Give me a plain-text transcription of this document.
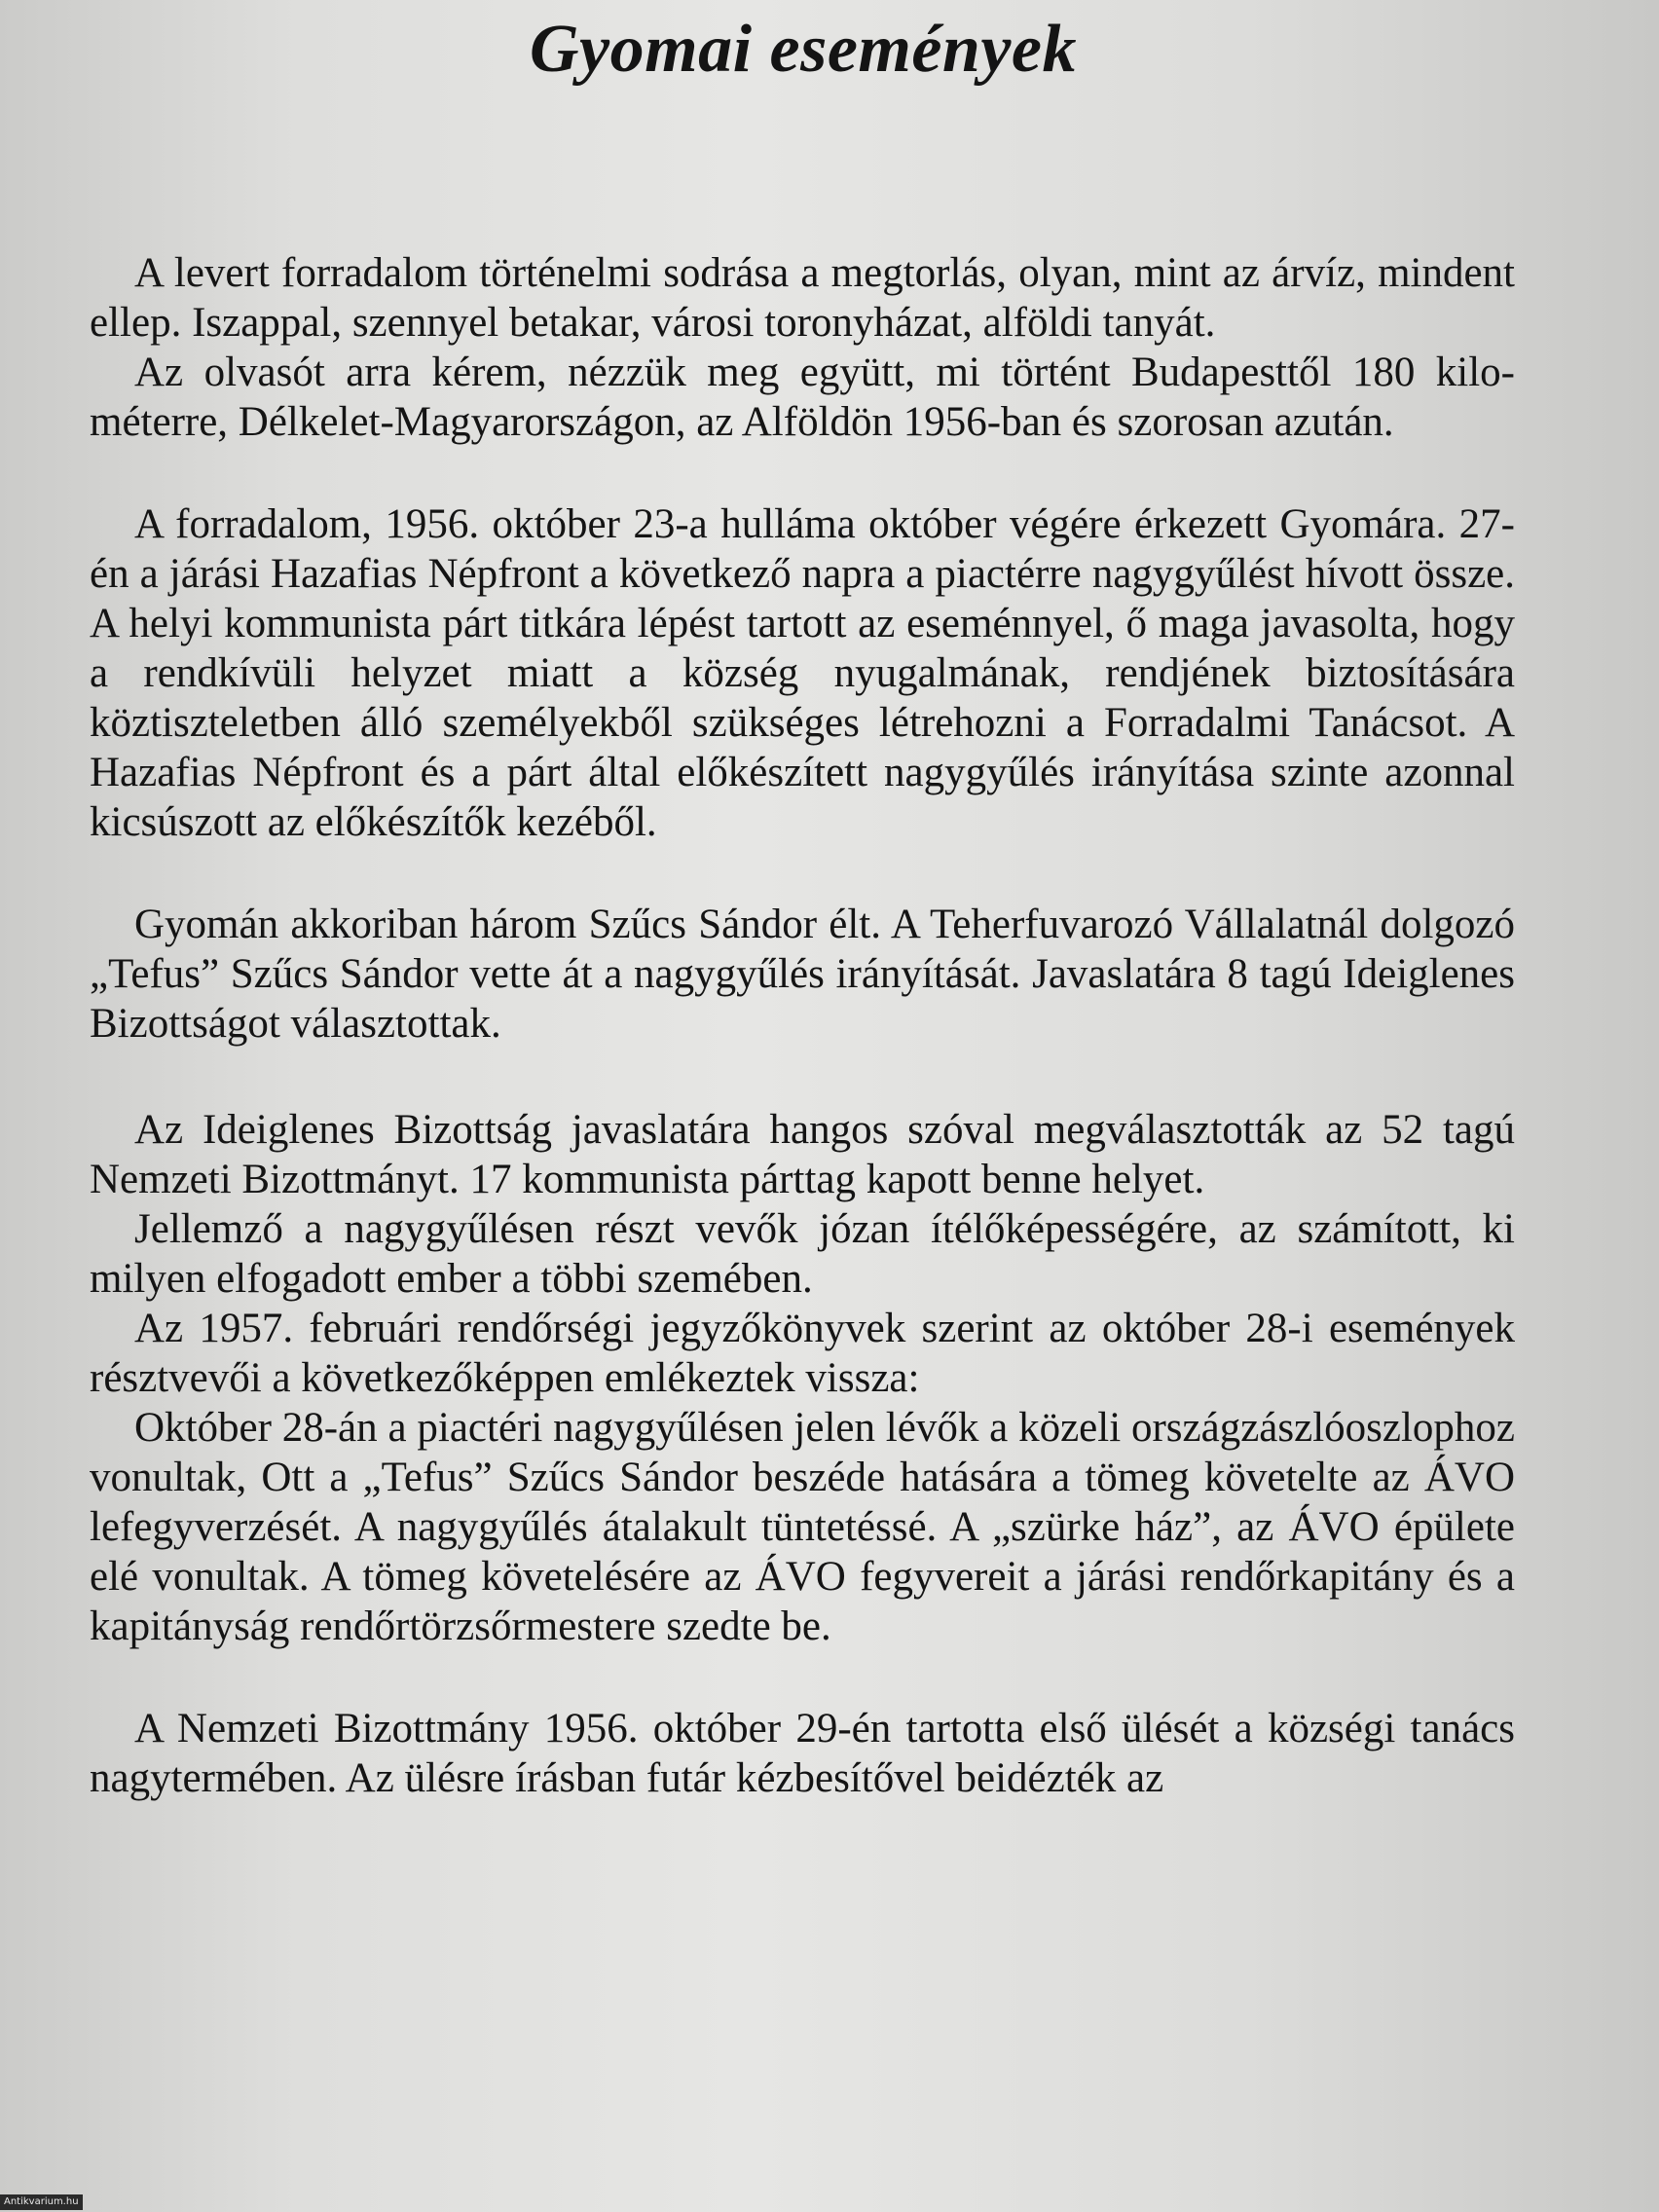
Gyomai események

A levert forradalom történelmi sodrása a megtorlás, olyan, mint az árvíz, mindent ellep. Iszappal, szennyel betakar, városi toronyházat, alföldi tanyát.

Az olvasót arra kérem, nézzük meg együtt, mi történt Budapesttől 180 kilométerre, Délkelet-Magyarországon, az Alföldön 1956-ban és szorosan azután.

A forradalom, 1956. október 23-a hulláma október végére érkezett Gyomára. 27-én a járási Hazafias Népfront a következő napra a piactérre nagygyűlést hívott össze. A helyi kommunista párt titkára lépést tartott az eseménnyel, ő maga javasolta, hogy a rendkívüli helyzet miatt a község nyugalmának, rendjének biztosítására köztiszteletben álló személyekből szükséges létrehozni a Forradalmi Tanácsot. A Hazafias Népfront és a párt által előkészített nagygyűlés irányítása szinte azonnal kicsúszott az előkészítők kezéből.

Gyomán akkoriban három Szűcs Sándor élt. A Teherfuvarozó Vállalatnál dolgozó „Tefus” Szűcs Sándor vette át a nagygyűlés irányítását. Javaslatára 8 tagú Ideiglenes Bizottságot választottak.

Az Ideiglenes Bizottság javaslatára hangos szóval megválasztották az 52 tagú Nemzeti Bizottmányt. 17 kommunista párttag kapott benne helyet.

Jellemző a nagygyűlésen részt vevők józan ítélőképességére, az számított, ki milyen elfogadott ember a többi szemében.

Az 1957. februári rendőrségi jegyzőkönyvek szerint az október 28-i események résztvevői a következőképpen emlékeztek vissza:

Október 28-án a piactéri nagygyűlésen jelen lévők a közeli országzászlóoszlophoz vonultak, Ott a „Tefus” Szűcs Sándor beszéde hatására a tömeg követelte az ÁVO lefegyverzését. A nagygyűlés átalakult tüntetéssé. A „szürke ház”, az ÁVO épülete elé vonultak. A tömeg követelésére az ÁVO fegyvereit a járási rendőrkapitány és a kapitányság rendőrtörzsőrmestere szedte be.

A Nemzeti Bizottmány 1956. október 29-én tartotta első ülését a községi tanács nagytermében. Az ülésre írásban futár kézbesítővel beidézték az

Antikvarium.hu
